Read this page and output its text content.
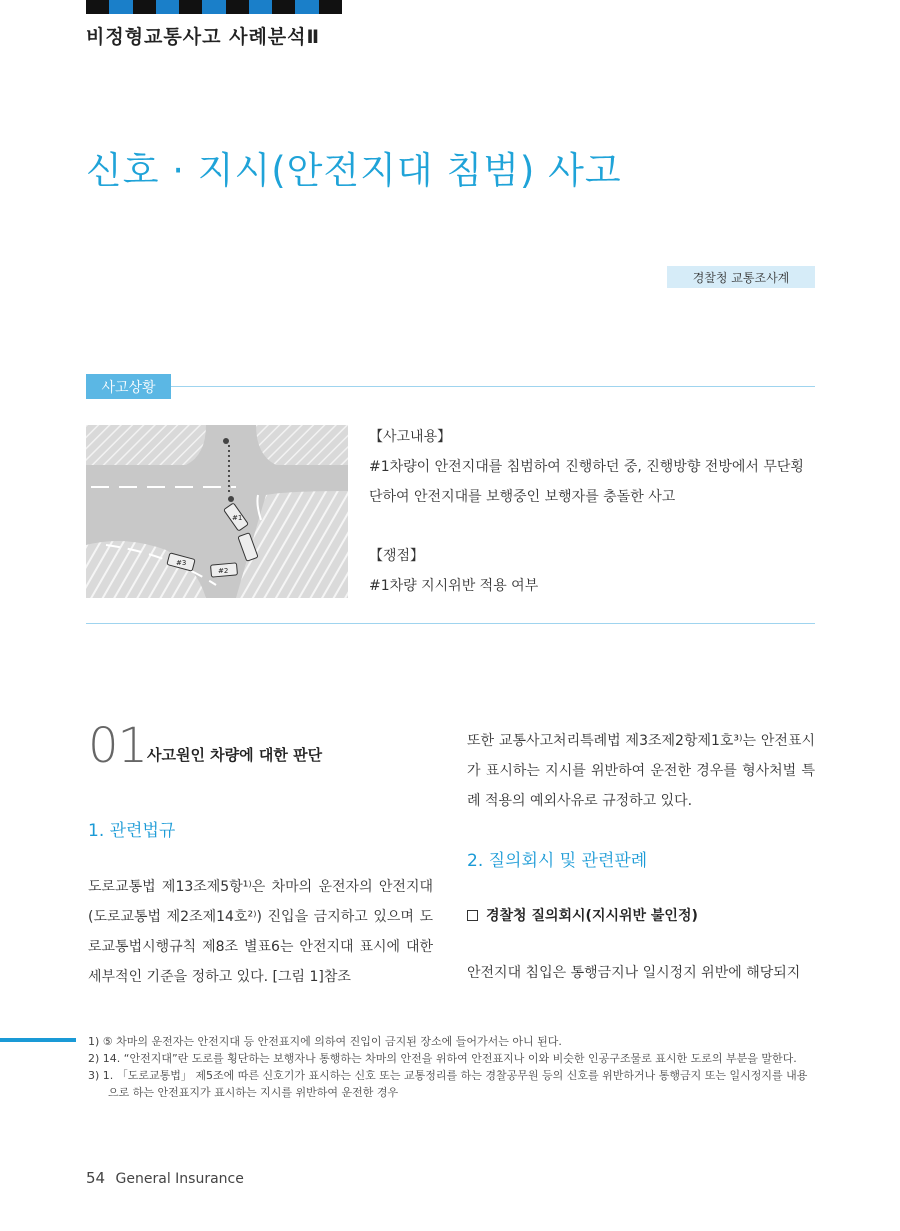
비정형교통사고 사례분석Ⅱ
신호 · 지시(안전지대 침범) 사고
경찰청 교통조사계
사고상황
#3
#2
#1

【사고내용】

#1차량이 안전지대를 침범하여 진행하던 중, 진행방향 전방에서 무단횡단하여 안전지대를 보행중인 보행자를 충돌한 사고

【쟁점】

#1차량 지시위반 적용 여부

01 사고원인 차량에 대한 판단
1. 관련법규
도로교통법 제13조제5항¹⁾은 차마의 운전자의 안전지대(도로교통법 제2조제14호²⁾) 진입을 금지하고 있으며 도로교통법시행규칙 제8조 별표6는 안전지대 표시에 대한 세부적인 기준을 정하고 있다. [그림 1]참조
또한 교통사고처리특례법 제3조제2항제1호³⁾는 안전표시가 표시하는 지시를 위반하여 운전한 경우를 형사처벌 특례 적용의 예외사유로 규정하고 있다.
2. 질의회시 및 관련판례
경찰청 질의회시(지시위반 불인정)
안전지대 침입은 통행금지나 일시정지 위반에 해당되지
1) ⑤ 차마의 운전자는 안전지대 등 안전표지에 의하여 진입이 금지된 장소에 들어가서는 아니 된다.
2) 14. “안전지대”란 도로를 횡단하는 보행자나 통행하는 차마의 안전을 위하여 안전표지나 이와 비슷한 인공구조물로 표시한 도로의 부분을 말한다.
3) 1. 「도로교통법」 제5조에 따른 신호기가 표시하는 신호 또는 교통정리를 하는 경찰공무원 등의 신호를 위반하거나 통행금지 또는 일시정지를 내용으로 하는 안전표지가 표시하는 지시를 위반하여 운전한 경우
54 General Insurance
